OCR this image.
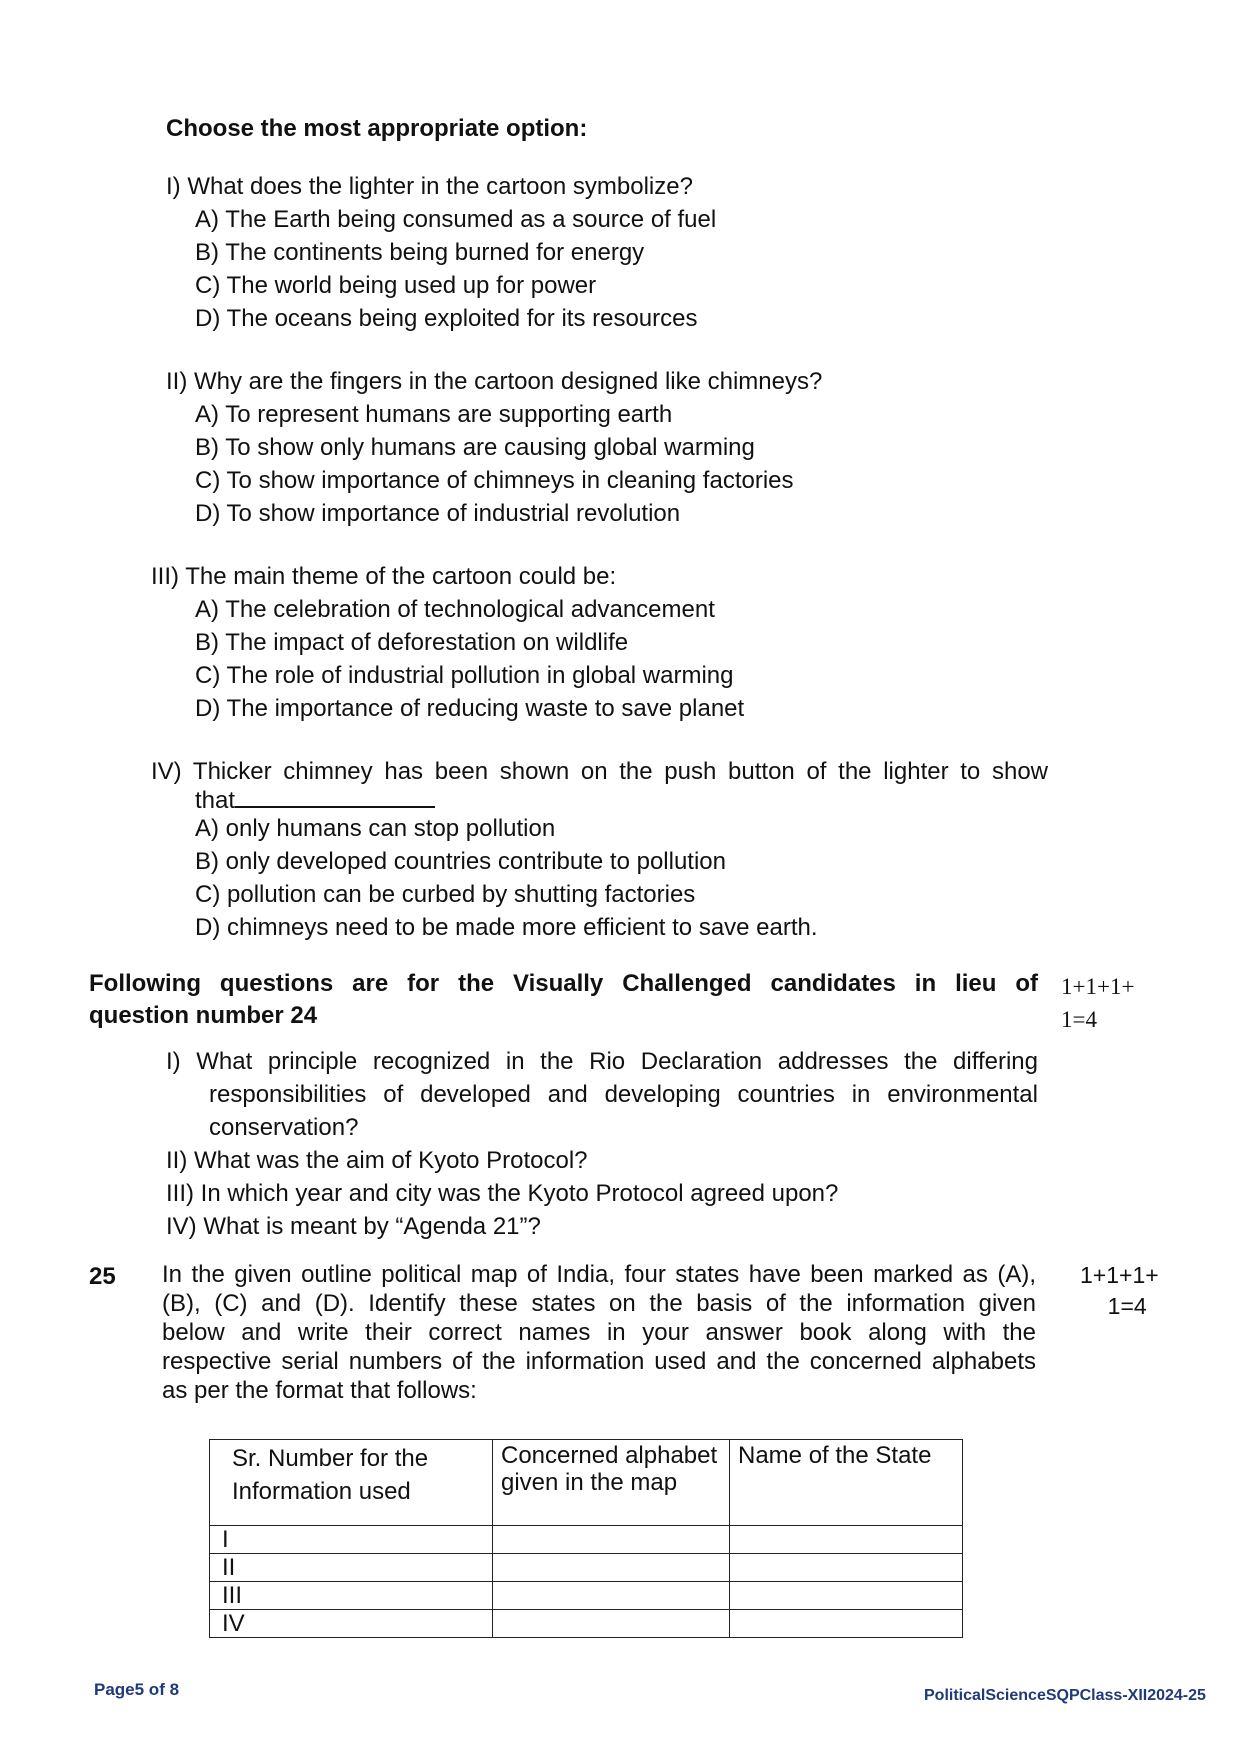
Choose the most appropriate option:
I) What does the lighter in the cartoon symbolize?
A) The Earth being consumed as a source of fuel
B) The continents being burned for energy
C) The world being used up for power
D) The oceans being exploited for its resources
II) Why are the fingers in the cartoon designed like chimneys?
A) To represent humans are supporting earth
B) To show only humans are causing global warming
C) To show importance of chimneys in cleaning factories
D) To show importance of industrial revolution
III) The main theme of the cartoon could be:
A) The celebration of technological advancement
B) The impact of deforestation on wildlife
C) The role of industrial pollution in global warming
D) The importance of reducing waste to save planet
IV) Thicker chimney has been shown on the push button of the lighter to show
that
A) only humans can stop pollution
B) only developed countries contribute to pollution
C) pollution can be curbed by shutting factories
D) chimneys need to be made more efficient to save earth.
Following questions are for the Visually Challenged candidates in lieu of
question number 24
1+1+1+
1=4
I) What principle recognized in the Rio Declaration addresses the differing
responsibilities of developed and developing countries in environmental
conservation?
II) What was the aim of Kyoto Protocol?
III) In which year and city was the Kyoto Protocol agreed upon?
IV) What is meant by “Agenda 21”?
25 In the given outline political map of India, four states have been marked as (A),
(B), (C) and (D). Identify these states on the basis of the information given
below and write their correct names in your answer book along with the
respective serial numbers of the information used and the concerned alphabets
as per the format that follows:
1+1+1+
1=4
Sr. Number for the Information used	Concerned alphabet given in the map	Name of the State
I		
II		
III		
IV		
Page5 of 8	PoliticalScienceSQPClass-XII2024-25
